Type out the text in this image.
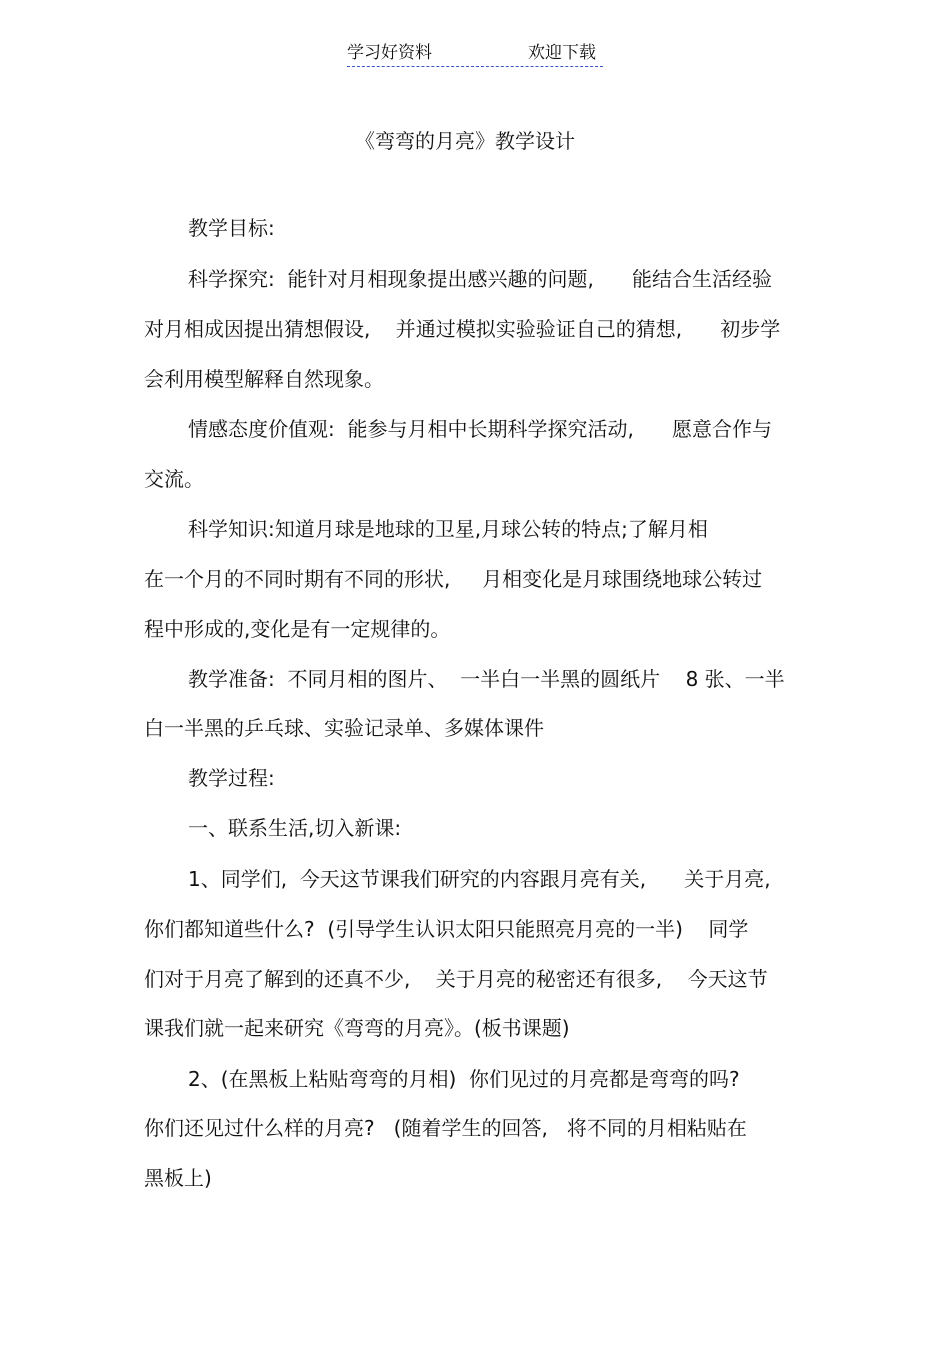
学习好资料	欢迎下载
《弯弯的月亮》教学设计
教学目标:
科学探究:  能针对月相现象提出感兴趣的问题,      能结合生活经验
对月相成因提出猜想假设,    并通过模拟实验验证自己的猜想,      初步学
会利用模型解释自然现象。
情感态度价值观:  能参与月相中长期科学探究活动,      愿意合作与
交流。
科学知识:知道月球是地球的卫星,月球公转的特点;了解月相
在一个月的不同时期有不同的形状,     月相变化是月球围绕地球公转过
程中形成的,变化是有一定规律的。
教学准备:  不同月相的图片、  一半白一半黑的圆纸片    8 张、一半
白一半黑的乒乓球、实验记录单、多媒体课件
教学过程:
一、联系生活,切入新课:
1、同学们,  今天这节课我们研究的内容跟月亮有关,      关于月亮,
你们都知道些什么?  (引导学生认识太阳只能照亮月亮的一半)    同学
们对于月亮了解到的还真不少,    关于月亮的秘密还有很多,    今天这节
课我们就一起来研究《弯弯的月亮》。(板书课题)
2、(在黑板上粘贴弯弯的月相)  你们见过的月亮都是弯弯的吗?
你们还见过什么样的月亮?   (随着学生的回答,   将不同的月相粘贴在
黑板上)
